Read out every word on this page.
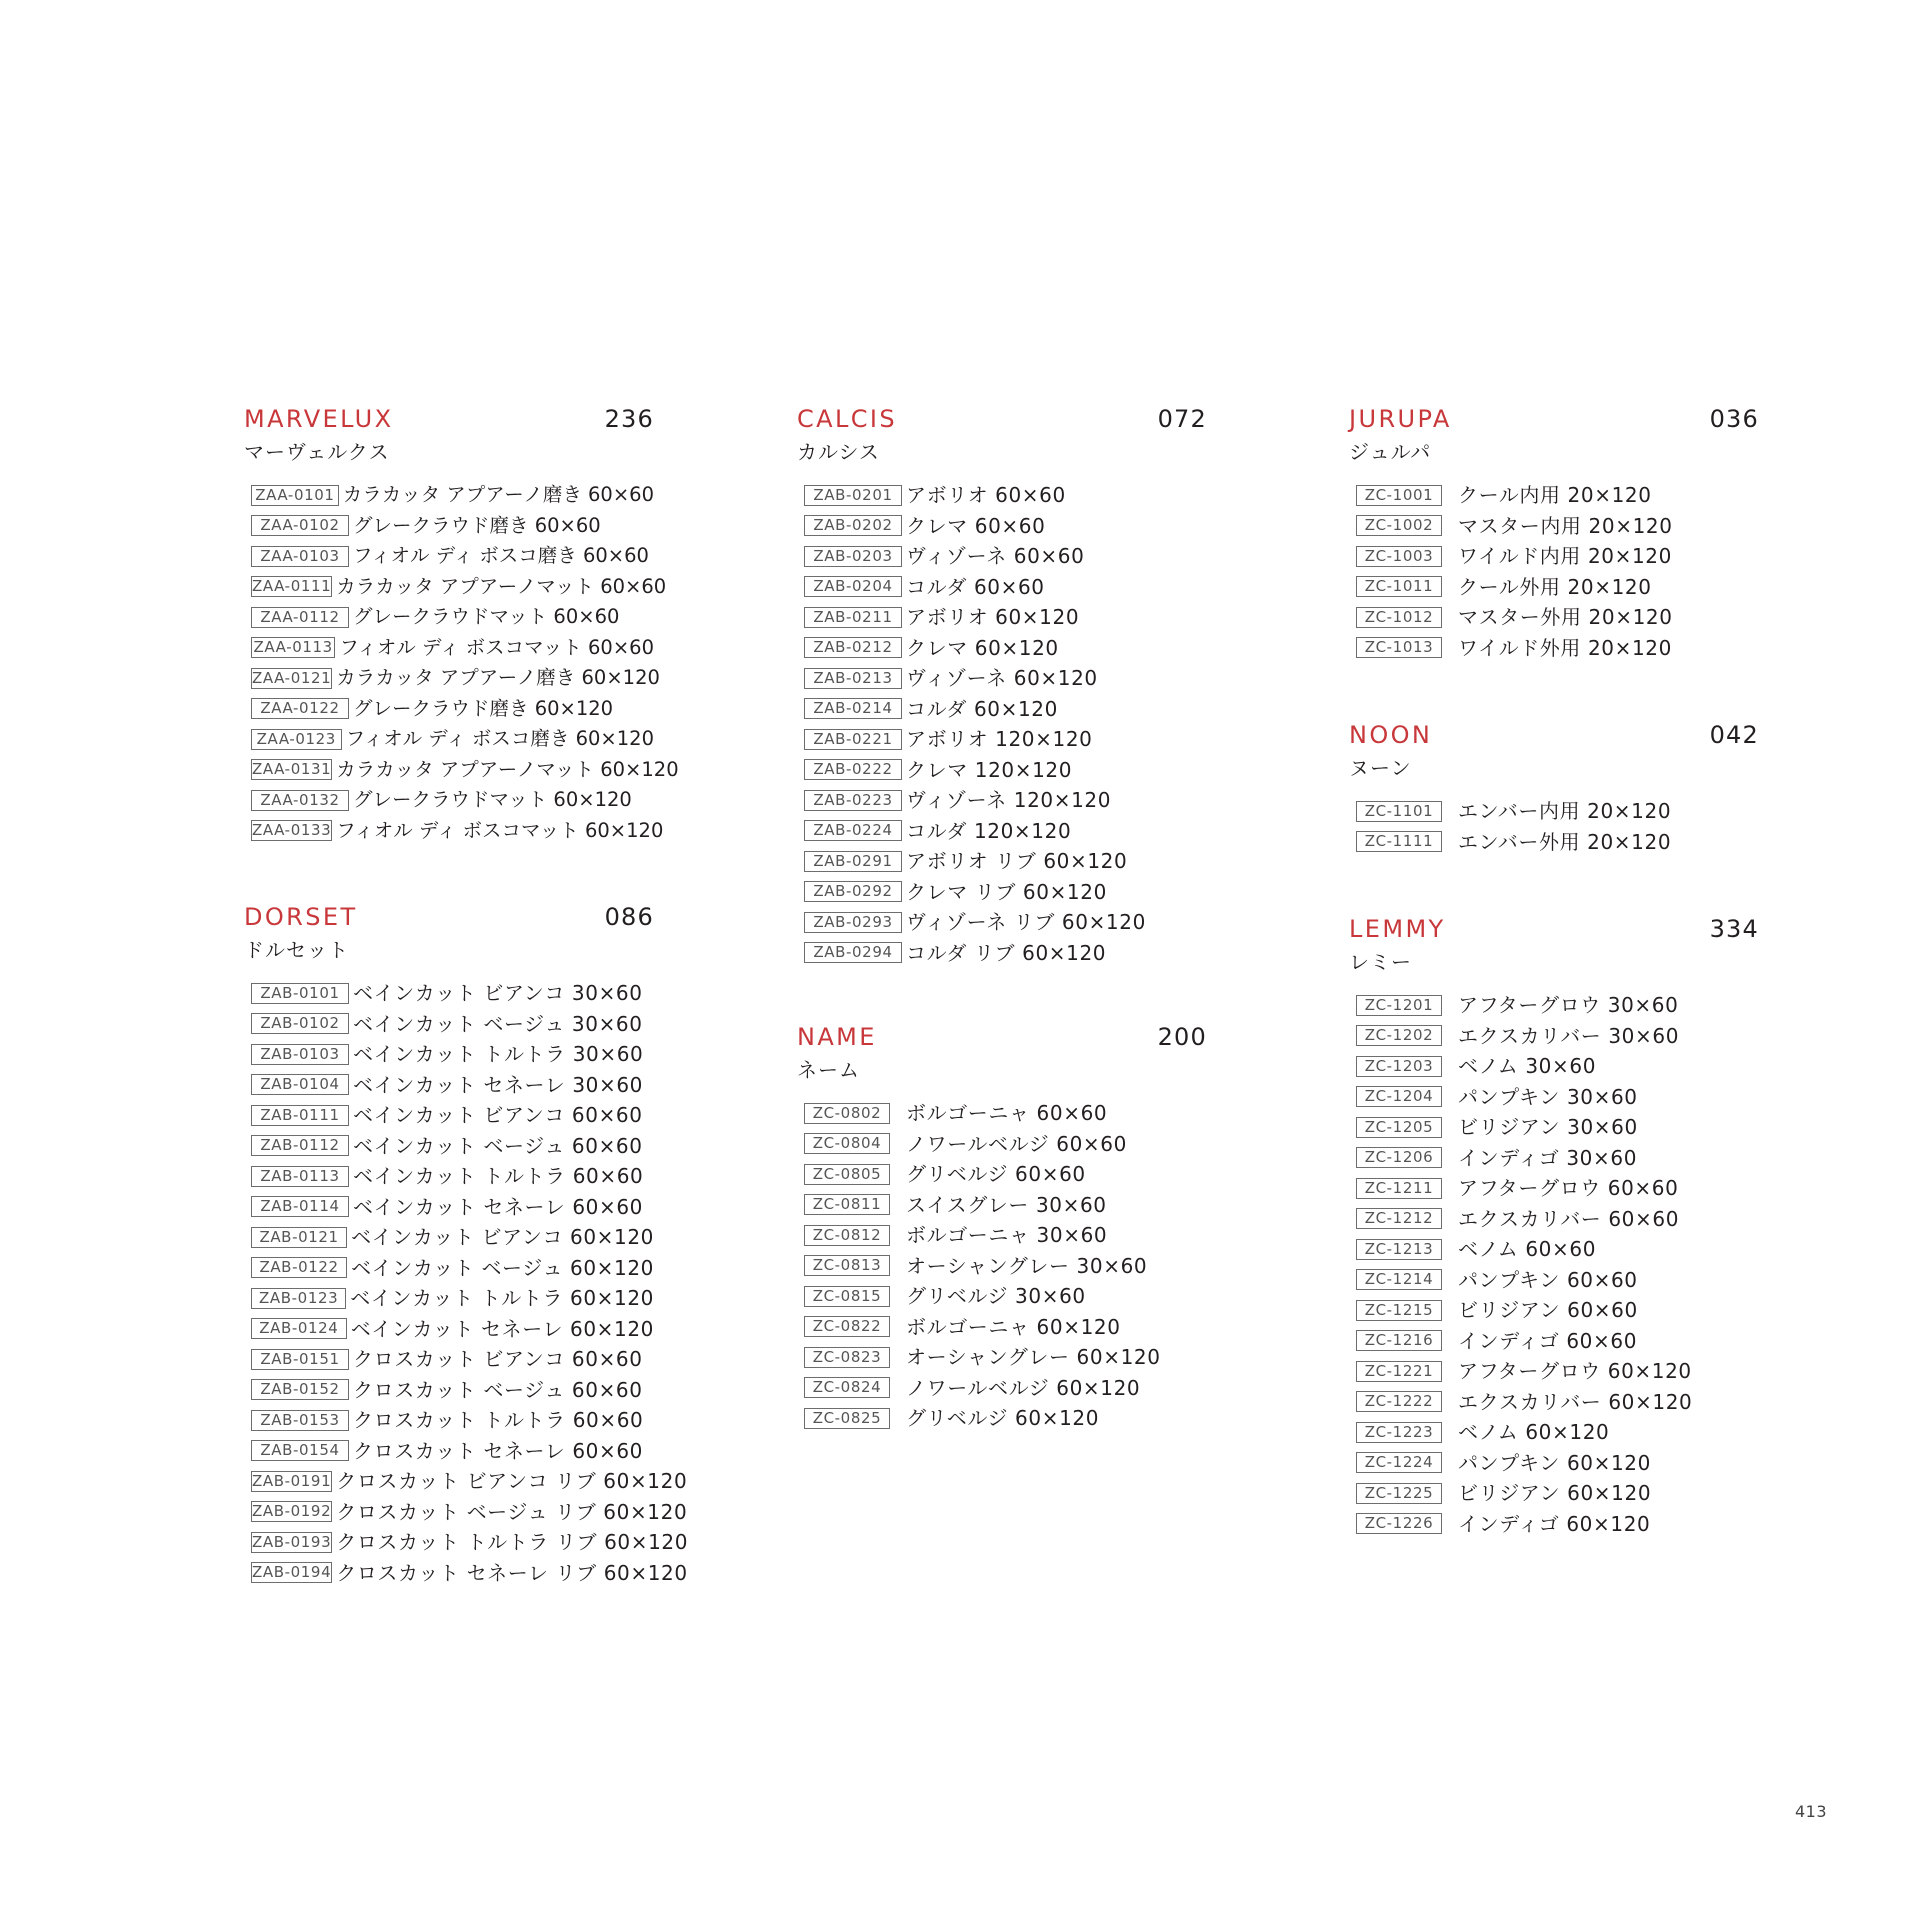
MARVELUX	236
マーヴェルクス
ZAA-0101 カラカッタ アプアーノ磨き 60×60
ZAA-0102 グレークラウド磨き 60×60
ZAA-0103 フィオル ディ ボスコ磨き 60×60
ZAA-0111 カラカッタ アプアーノマット 60×60
ZAA-0112 グレークラウドマット 60×60
ZAA-0113 フィオル ディ ボスコマット 60×60
ZAA-0121 カラカッタ アプアーノ磨き 60×120
ZAA-0122 グレークラウド磨き 60×120
ZAA-0123 フィオル ディ ボスコ磨き 60×120
ZAA-0131 カラカッタ アプアーノマット 60×120
ZAA-0132 グレークラウドマット 60×120
ZAA-0133 フィオル ディ ボスコマット 60×120
DORSET	086
ドルセット
ZAB-0101 ベインカット ビアンコ 30×60
ZAB-0102 ベインカット ベージュ 30×60
ZAB-0103 ベインカット トルトラ 30×60
ZAB-0104 ベインカット セネーレ 30×60
ZAB-0111 ベインカット ビアンコ 60×60
ZAB-0112 ベインカット ベージュ 60×60
ZAB-0113 ベインカット トルトラ 60×60
ZAB-0114 ベインカット セネーレ 60×60
ZAB-0121 ベインカット ビアンコ 60×120
ZAB-0122 ベインカット ベージュ 60×120
ZAB-0123 ベインカット トルトラ 60×120
ZAB-0124 ベインカット セネーレ 60×120
ZAB-0151 クロスカット ビアンコ 60×60
ZAB-0152 クロスカット ベージュ 60×60
ZAB-0153 クロスカット トルトラ 60×60
ZAB-0154 クロスカット セネーレ 60×60
ZAB-0191 クロスカット ビアンコ リブ 60×120
ZAB-0192 クロスカット ベージュ リブ 60×120
ZAB-0193 クロスカット トルトラ リブ 60×120
ZAB-0194 クロスカット セネーレ リブ 60×120
CALCIS	072
カルシス
ZAB-0201 アボリオ 60×60
ZAB-0202 クレマ 60×60
ZAB-0203 ヴィゾーネ 60×60
ZAB-0204 コルダ 60×60
ZAB-0211 アボリオ 60×120
ZAB-0212 クレマ 60×120
ZAB-0213 ヴィゾーネ 60×120
ZAB-0214 コルダ 60×120
ZAB-0221 アボリオ 120×120
ZAB-0222 クレマ 120×120
ZAB-0223 ヴィゾーネ 120×120
ZAB-0224 コルダ 120×120
ZAB-0291 アボリオ リブ 60×120
ZAB-0292 クレマ リブ 60×120
ZAB-0293 ヴィゾーネ リブ 60×120
ZAB-0294 コルダ リブ 60×120
NAME	200
ネーム
ZC-0802	ボルゴーニャ 60×60
ZC-0804	ノワールベルジ 60×60
ZC-0805	グリベルジ 60×60
ZC-0811	スイスグレー 30×60
ZC-0812	ボルゴーニャ 30×60
ZC-0813	オーシャングレー 30×60
ZC-0815	グリベルジ 30×60
ZC-0822	ボルゴーニャ 60×120
ZC-0823	オーシャングレー 60×120
ZC-0824	ノワールベルジ 60×120
ZC-0825	グリベルジ 60×120
JURUPA	036
ジュルパ
ZC-1001	クール内用 20×120
ZC-1002	マスター内用 20×120
ZC-1003	ワイルド内用 20×120
ZC-1011	クール外用 20×120
ZC-1012	マスター外用 20×120
ZC-1013	ワイルド外用 20×120
NOON	042
ヌーン
ZC-1101	エンバー内用 20×120
ZC-1111	エンバー外用 20×120
LEMMY	334
レミー
ZC-1201	アフターグロウ 30×60
ZC-1202	エクスカリバー 30×60
ZC-1203	ベノム 30×60
ZC-1204	パンプキン 30×60
ZC-1205	ビリジアン 30×60
ZC-1206	インディゴ 30×60
ZC-1211	アフターグロウ 60×60
ZC-1212	エクスカリバー 60×60
ZC-1213	ベノム 60×60
ZC-1214	パンプキン 60×60
ZC-1215	ビリジアン 60×60
ZC-1216	インディゴ 60×60
ZC-1221	アフターグロウ 60×120
ZC-1222	エクスカリバー 60×120
ZC-1223	ベノム 60×120
ZC-1224	パンプキン 60×120
ZC-1225	ビリジアン 60×120
ZC-1226	インディゴ 60×120
413
